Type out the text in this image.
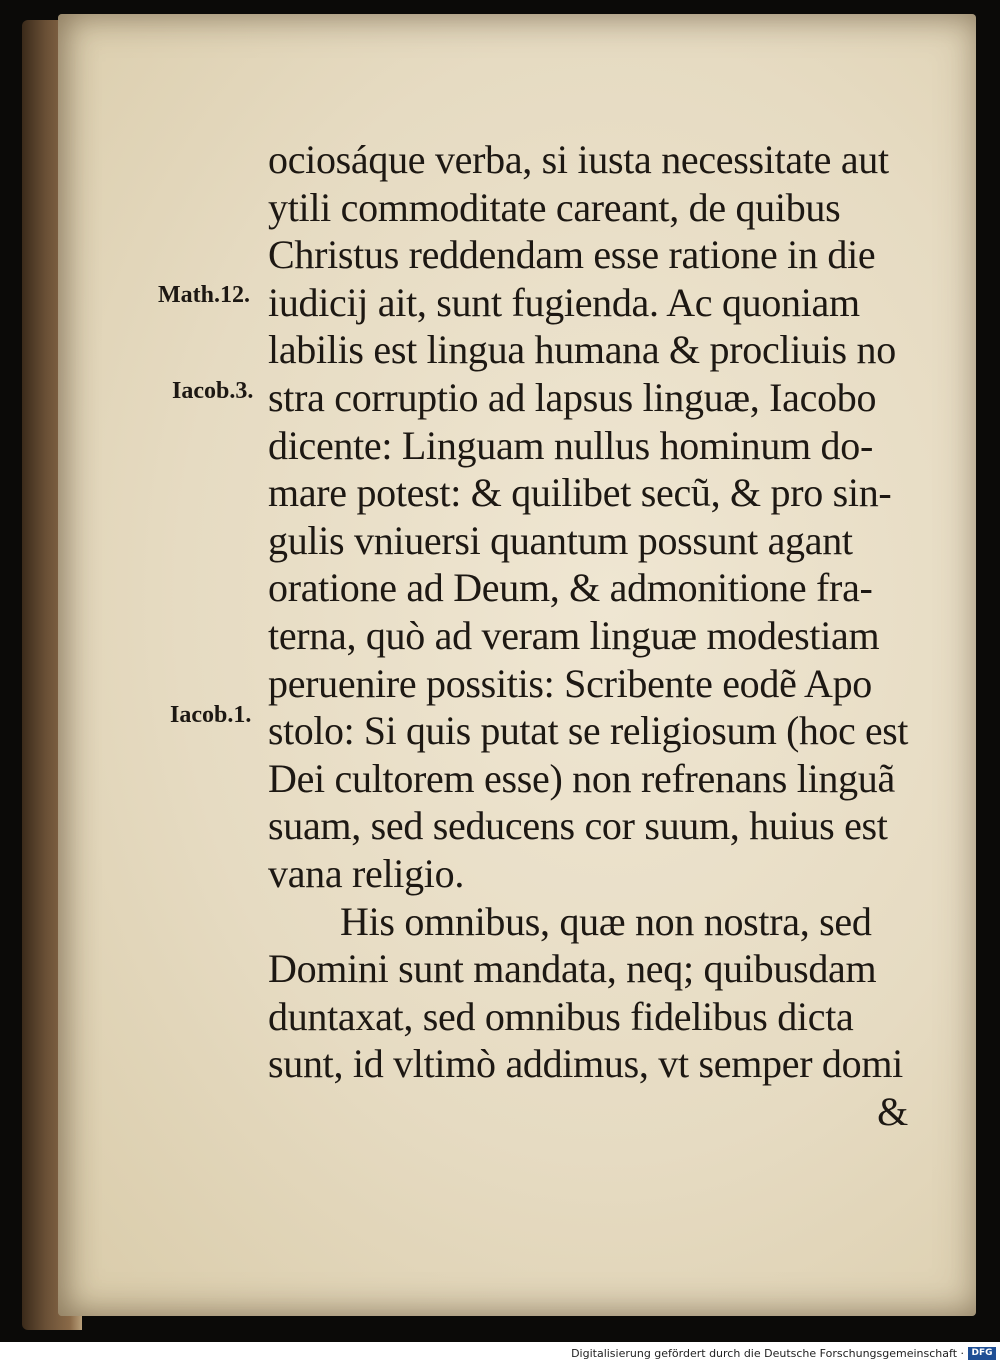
ociosáque verba, si iusta necessitate aut
ytili commoditate careant, de quibus
Christus reddendam esse ratione in die
iudicij ait, sunt fugienda. Ac quoniam
labilis est lingua humana & procliuis no
stra corruptio ad lapsus linguæ, Iacobo
dicente: Linguam nullus hominum do-
mare potest: & quilibet secũ, & pro sin-
gulis vniuersi quantum possunt agant
oratione ad Deum, & admonitione fra-
terna, quò ad veram linguæ modestiam
peruenire possitis: Scribente eodẽ Apo
stolo: Si quis putat se religiosum (hoc est
Dei cultorem esse) non refrenans linguã
suam, sed seducens cor suum, huius est
vana religio.
His omnibus, quæ non nostra, sed
Domini sunt mandata, neq; quibusdam
duntaxat, sed omnibus fidelibus dicta
sunt, id vltimò addimus, vt semper domi
&
Math.12.
Iacob.3.
Iacob.1.
Digitalisierung gefördert durch die Deutsche Forschungsgemeinschaft · DFG
